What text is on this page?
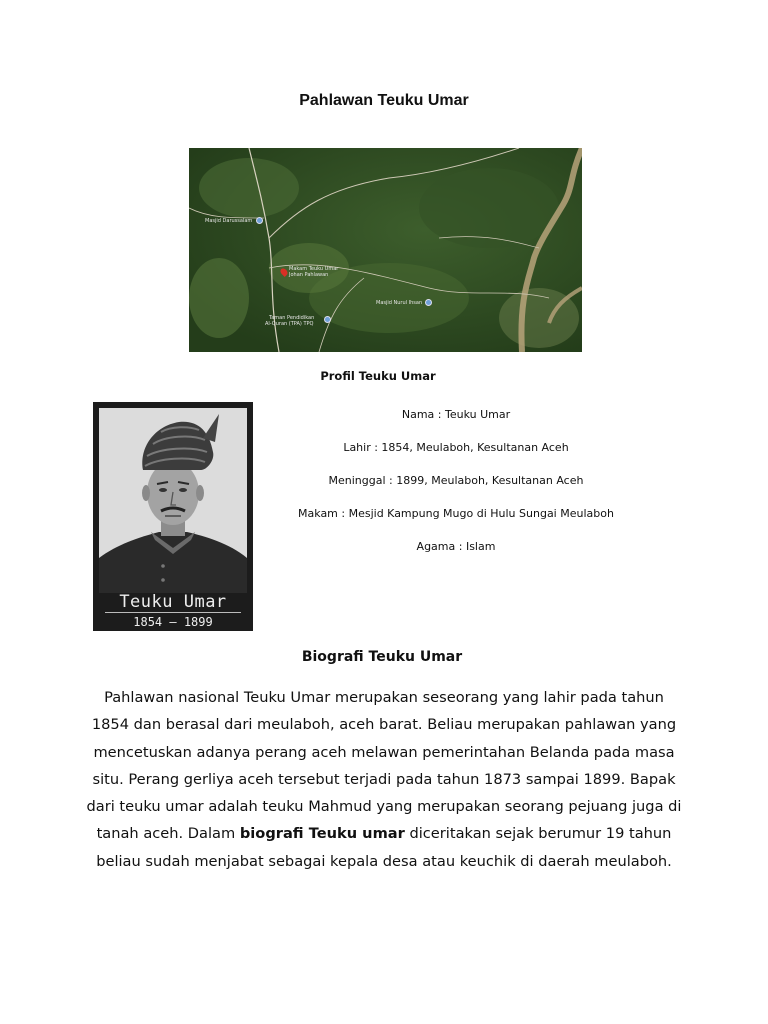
Pahlawan Teuku Umar
Masjid Darussalam
Makam Teuku Umar
Johan Pahlawan
Taman Pendidikan
Al-Quran (TPA) TPQ
Masjid Nurul Ihsan
Profil Teuku Umar
Teuku Umar
1854 — 1899
Nama : Teuku Umar
Lahir : 1854, Meulaboh, Kesultanan Aceh
Meninggal : 1899, Meulaboh, Kesultanan Aceh
Makam : Mesjid Kampung Mugo di Hulu Sungai Meulaboh
Agama : Islam
Biografi Teuku Umar
Pahlawan nasional Teuku Umar merupakan seseorang yang lahir pada tahun 1854 dan berasal dari meulaboh, aceh barat. Beliau merupakan pahlawan yang mencetuskan adanya perang aceh melawan pemerintahan Belanda pada masa situ. Perang gerliya aceh tersebut terjadi pada tahun 1873 sampai 1899. Bapak dari teuku umar adalah teuku Mahmud yang merupakan seorang pejuang juga di tanah aceh. Dalam biografi Teuku umar diceritakan sejak berumur 19 tahun beliau sudah menjabat sebagai kepala desa atau keuchik di daerah meulaboh.
